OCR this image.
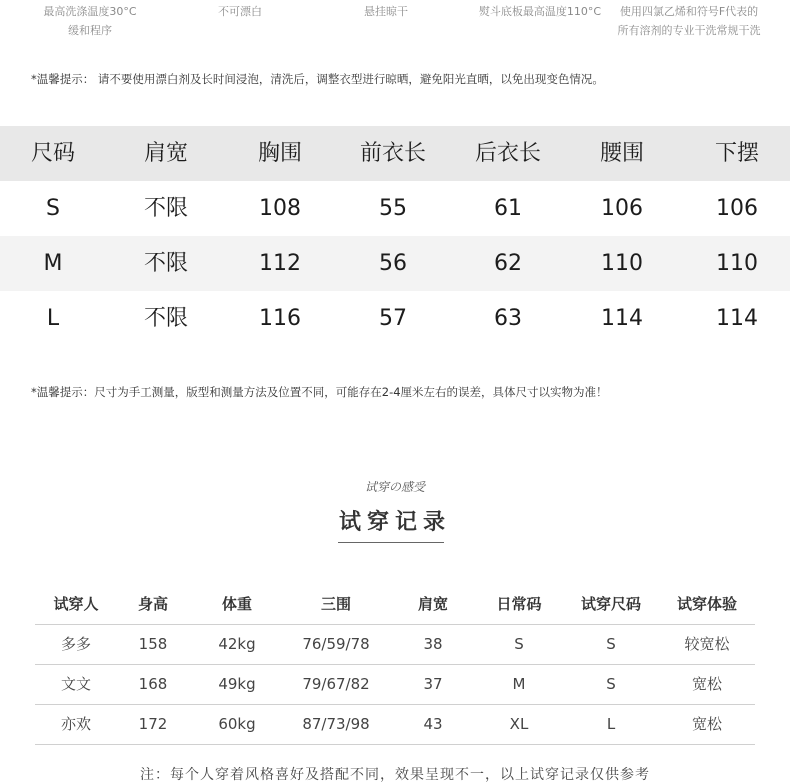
最高洗涤温度30°C
缓和程序
不可漂白	悬挂晾干	熨斗底板最高温度110°C	使用四氯乙烯和符号F代表的
所有溶剂的专业干洗常规干洗
*温馨提示： 请不要使用漂白剂及长时间浸泡，清洗后，调整衣型进行晾晒，避免阳光直晒，以免出现变色情况。
尺码	肩宽	胸围	前衣长	后衣长	腰围	下摆
S	不限	108	55	61	106	106
M	不限	112	56	62	110	110
L	不限	116	57	63	114	114
*温馨提示：尺寸为手工测量，版型和测量方法及位置不同，可能存在2-4厘米左右的误差，具体尺寸以实物为准！
试穿の感受
试穿记录
试穿人	身高	体重	三围	肩宽	日常码	试穿尺码	试穿体验
多多	158	42kg	76/59/78	38	S	S	较宽松
文文	168	49kg	79/67/82	37	M	S	宽松
亦欢	172	60kg	87/73/98	43	XL	L	宽松
注：每个人穿着风格喜好及搭配不同，效果呈现不一，以上试穿记录仅供参考
